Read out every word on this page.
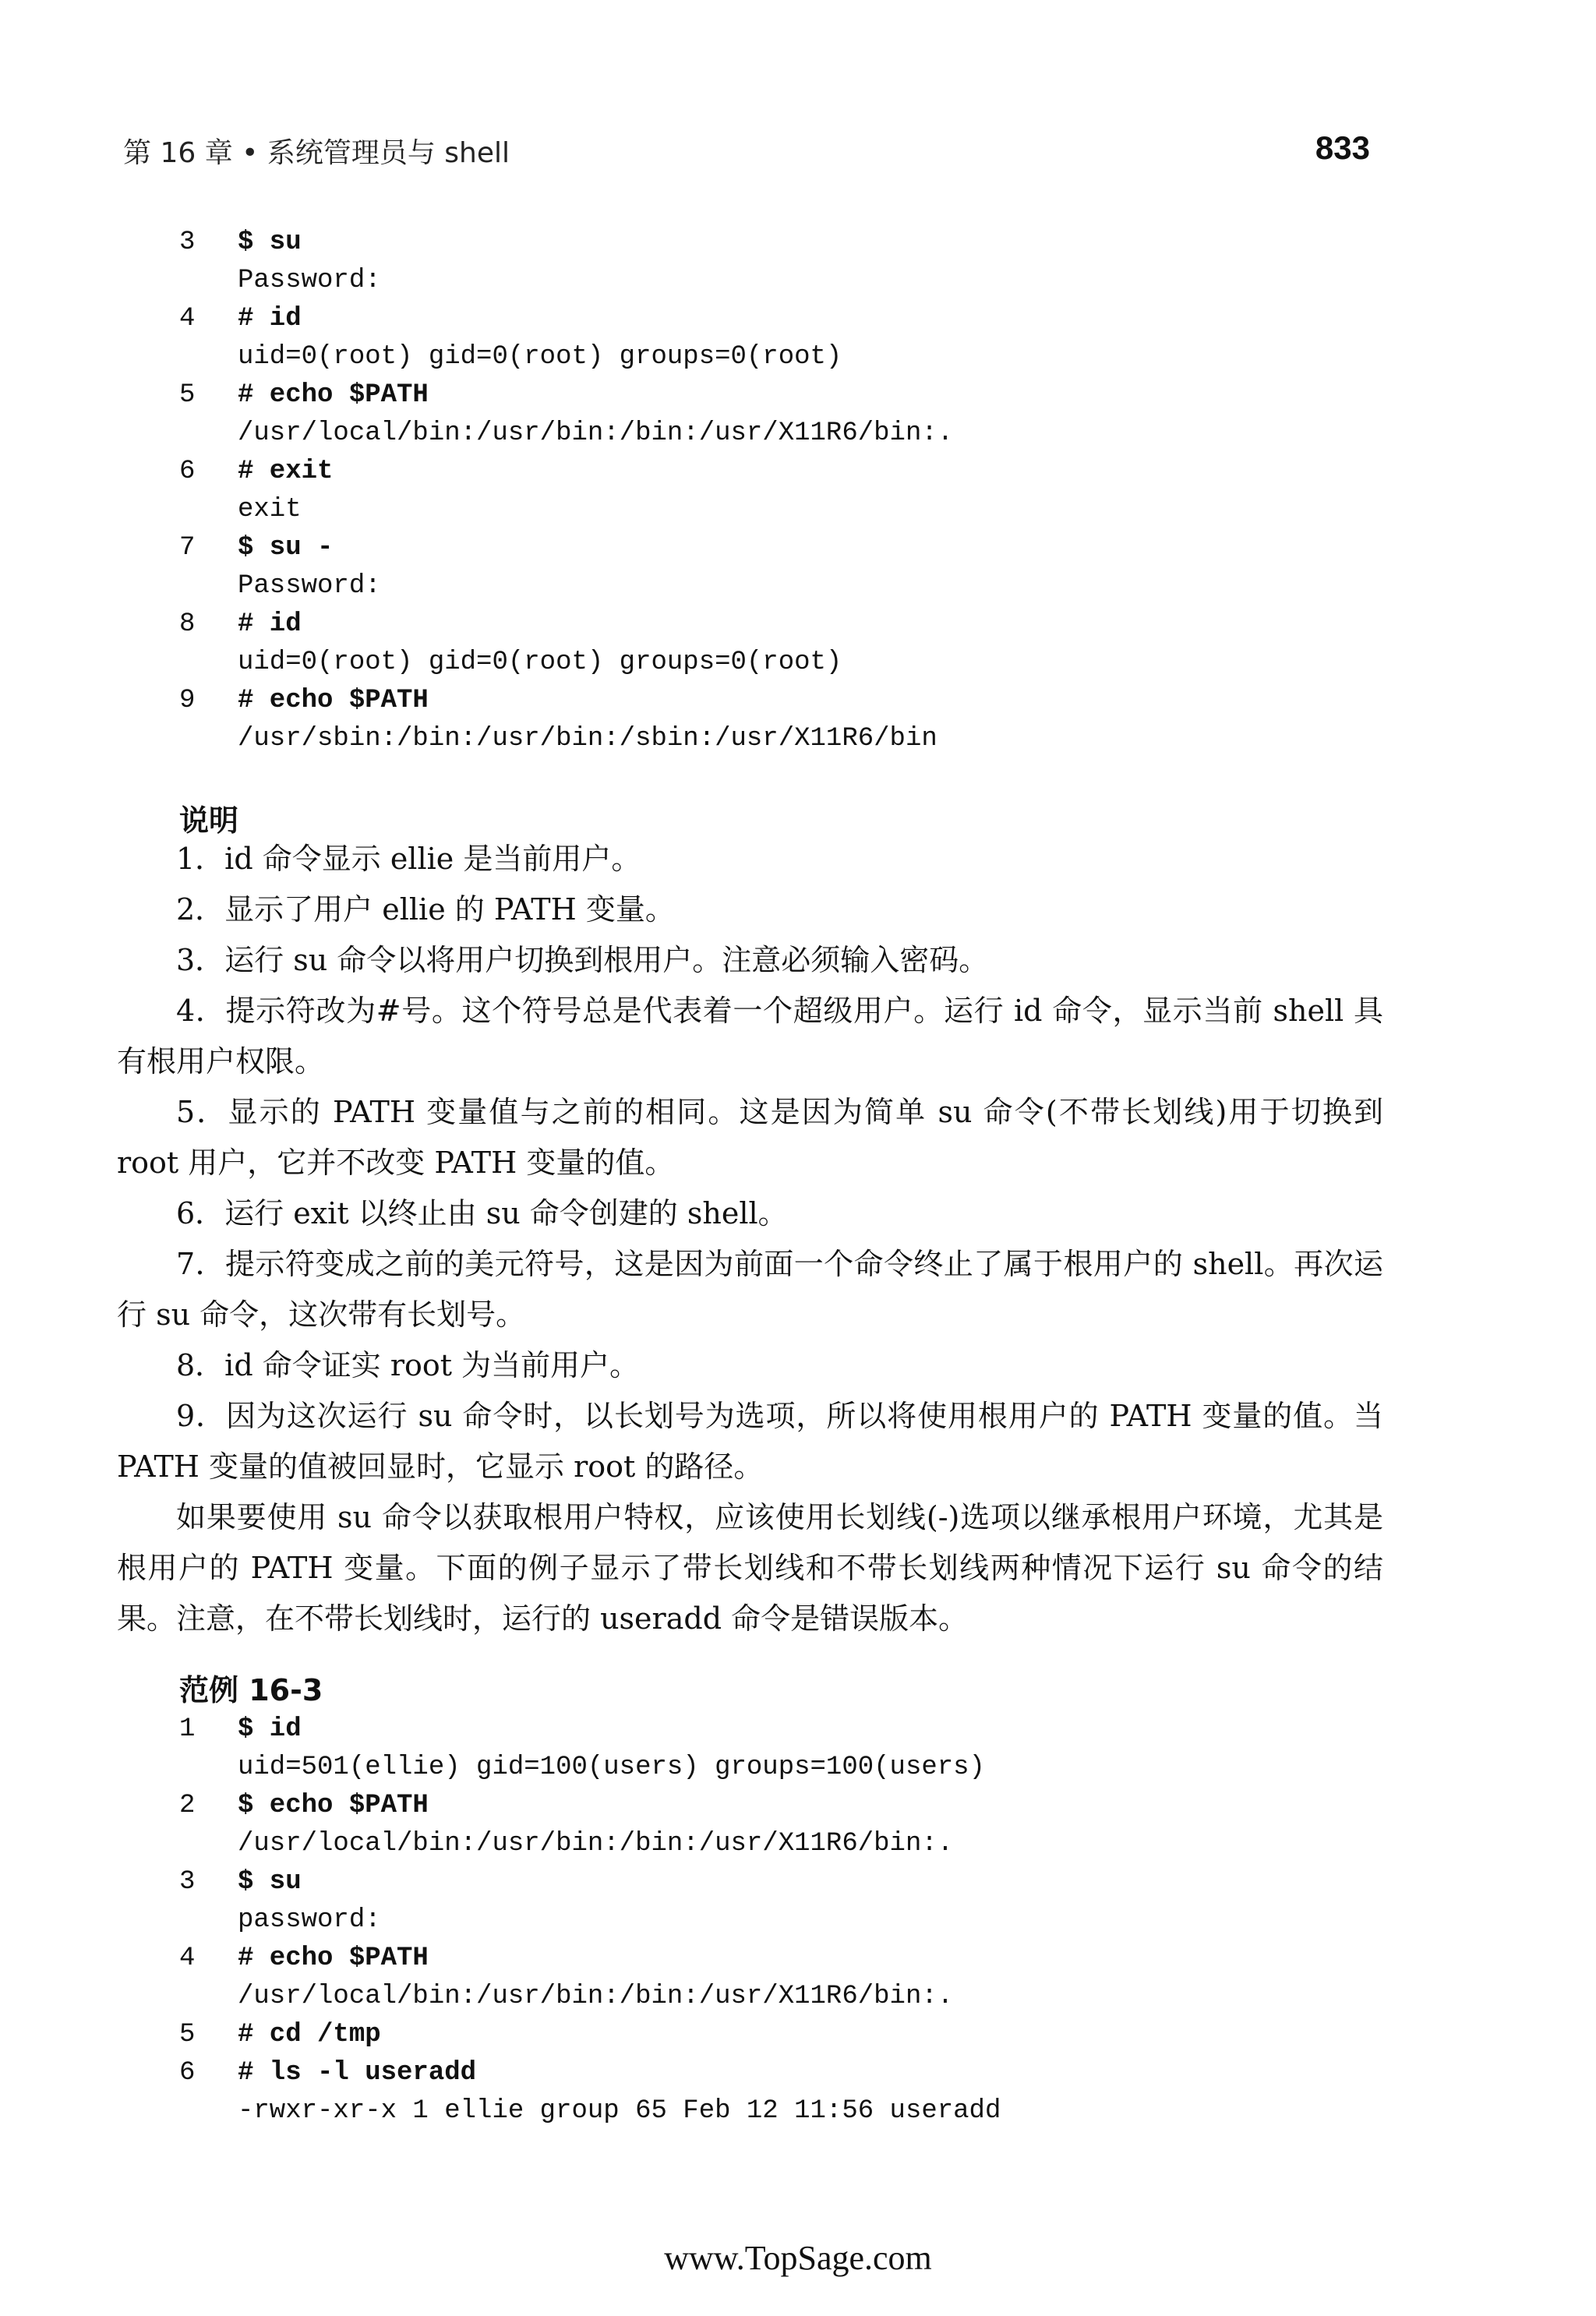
第 16 章 • 系统管理员与 shell	833
3	$ su
Password:
4	# id
uid=0(root) gid=0(root) groups=0(root)
5	# echo $PATH
/usr/local/bin:/usr/bin:/bin:/usr/X11R6/bin:.
6	# exit
exit
7	$ su -
Password:
8	# id
uid=0(root) gid=0(root) groups=0(root)
9	# echo $PATH
/usr/sbin:/bin:/usr/bin:/sbin:/usr/X11R6/bin
说明

1．id 命令显示 ellie 是当前用户。

2．显示了用户 ellie 的 PATH 变量。

3．运行 su 命令以将用户切换到根用户。注意必须输入密码。

4．提示符改为#号。这个符号总是代表着一个超级用户。运行 id 命令，显示当前 shell 具有根用户权限。

5．显示的 PATH 变量值与之前的相同。这是因为简单 su 命令(不带长划线)用于切换到 root 用户，它并不改变 PATH 变量的值。

6．运行 exit 以终止由 su 命令创建的 shell。

7．提示符变成之前的美元符号，这是因为前面一个命令终止了属于根用户的 shell。再次运行 su 命令，这次带有长划号。

8．id 命令证实 root 为当前用户。

9．因为这次运行 su 命令时，以长划号为选项，所以将使用根用户的 PATH 变量的值。当 PATH 变量的值被回显时，它显示 root 的路径。

如果要使用 su 命令以获取根用户特权，应该使用长划线(-)选项以继承根用户环境，尤其是根用户的 PATH 变量。下面的例子显示了带长划线和不带长划线两种情况下运行 su 命令的结果。注意，在不带长划线时，运行的 useradd 命令是错误版本。

范例 16-3
1	$ id
uid=501(ellie) gid=100(users) groups=100(users)
2	$ echo $PATH
/usr/local/bin:/usr/bin:/bin:/usr/X11R6/bin:.
3	$ su
password:
4	# echo $PATH
/usr/local/bin:/usr/bin:/bin:/usr/X11R6/bin:.
5	# cd /tmp
6	# ls -l useradd
-rwxr-xr-x 1 ellie group 65 Feb 12 11:56 useradd
www.TopSage.com
